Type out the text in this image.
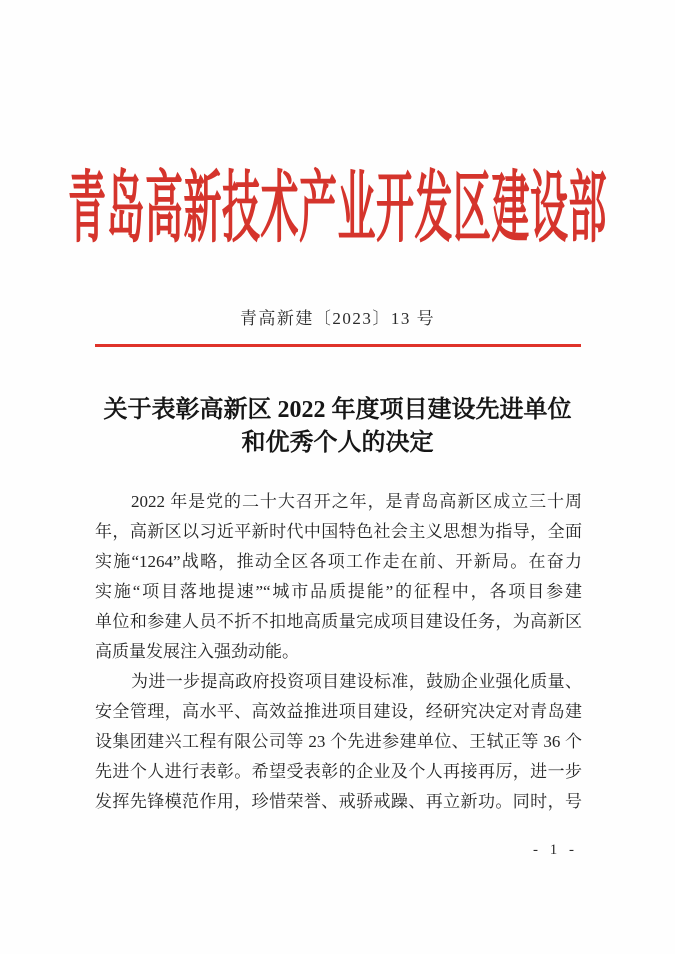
青岛高新技术产业开发区建设部
青高新建〔2023〕13 号
关于表彰高新区 2022 年度项目建设先进单位
和优秀个人的决定
2022 年是党的二十大召开之年，是青岛高新区成立三十周
年，高新区以习近平新时代中国特色社会主义思想为指导，全面
实施“1264”战略，推动全区各项工作走在前、开新局。在奋力
实施“项目落地提速”“城市品质提能”的征程中，各项目参建
单位和参建人员不折不扣地高质量完成项目建设任务，为高新区
高质量发展注入强劲动能。
为进一步提高政府投资项目建设标准，鼓励企业强化质量、
安全管理，高水平、高效益推进项目建设，经研究决定对青岛建
设集团建兴工程有限公司等 23 个先进参建单位、王轼正等 36 个
先进个人进行表彰。希望受表彰的企业及个人再接再厉，进一步
发挥先锋模范作用，珍惜荣誉、戒骄戒躁、再立新功。同时，号
- 1 -
